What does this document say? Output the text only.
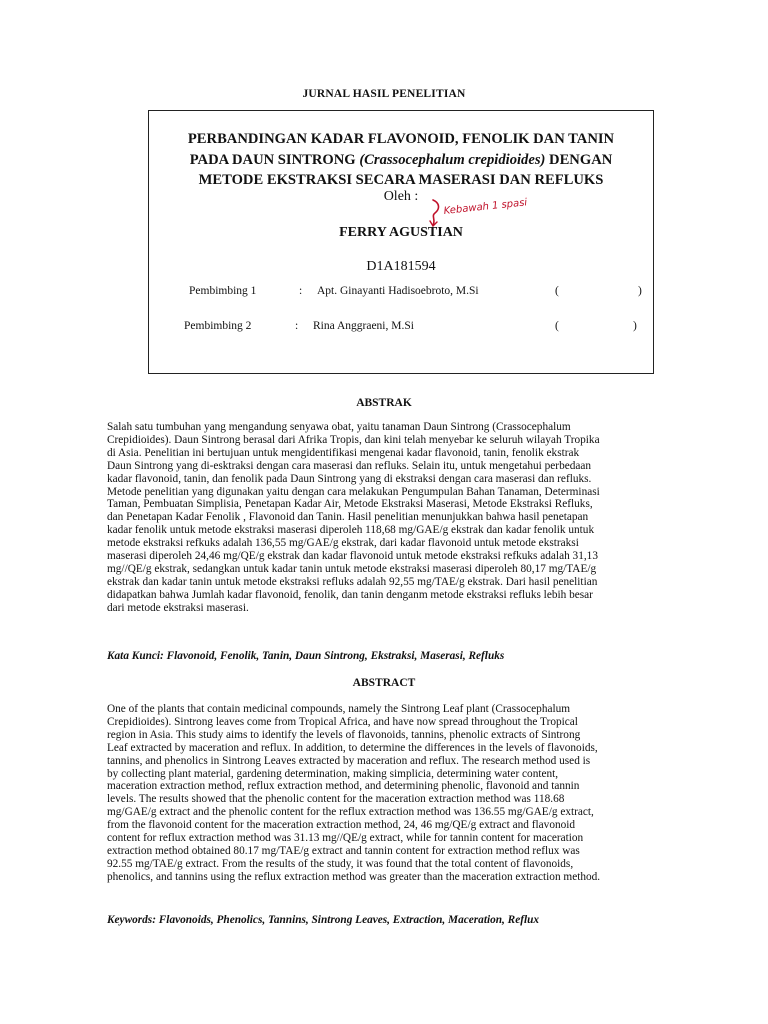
JURNAL HASIL PENELITIAN
PERBANDINGAN KADAR FLAVONOID, FENOLIK DAN TANIN
PADA DAUN SINTRONG (Crassocephalum crepidioides) DENGAN
METODE EKSTRAKSI SECARA MASERASI DAN REFLUKS
Oleh :
Kebawah 1 spasi
FERRY AGUSTIAN
D1A181594
Pembimbing 1	: Apt. Ginayanti Hadisoebroto, M.Si	(	)
Pembimbing 2	: Rina Anggraeni, M.Si	(	)
ABSTRAK
Salah satu tumbuhan yang mengandung senyawa obat, yaitu tanaman Daun Sintrong (Crassocephalum
Crepidioides). Daun Sintrong berasal dari Afrika Tropis, dan kini telah menyebar ke seluruh wilayah Tropika
di Asia. Penelitian ini bertujuan untuk mengidentifikasi mengenai kadar flavonoid, tanin, fenolik ekstrak
Daun Sintrong yang di-esktraksi dengan cara maserasi dan refluks. Selain itu, untuk mengetahui perbedaan
kadar flavonoid, tanin, dan fenolik pada Daun Sintrong yang di ekstraksi dengan cara maserasi dan refluks.
Metode penelitian yang digunakan yaitu dengan cara melakukan Pengumpulan Bahan Tanaman, Determinasi
Taman, Pembuatan Simplisia, Penetapan Kadar Air, Metode Ekstraksi Maserasi, Metode Ekstraksi Refluks,
dan Penetapan Kadar Fenolik , Flavonoid dan Tanin. Hasil penelitian menunjukkan bahwa hasil penetapan
kadar fenolik untuk metode ekstraksi maserasi diperoleh 118,68 mg/GAE/g ekstrak dan kadar fenolik untuk
metode ekstraksi refkuks adalah 136,55 mg/GAE/g ekstrak, dari kadar flavonoid untuk metode ekstraksi
maserasi diperoleh 24,46 mg/QE/g ekstrak dan kadar flavonoid untuk metode ekstraksi refkuks adalah 31,13
mg//QE/g ekstrak, sedangkan untuk kadar tanin untuk metode ekstraksi maserasi diperoleh 80,17 mg/TAE/g
ekstrak dan kadar tanin untuk metode ekstraksi refluks adalah 92,55 mg/TAE/g ekstrak. Dari hasil penelitian
didapatkan bahwa Jumlah kadar flavonoid, fenolik, dan tanin denganm metode ekstraksi refluks lebih besar
dari metode ekstraksi maserasi.
Kata Kunci: Flavonoid, Fenolik, Tanin, Daun Sintrong, Ekstraksi, Maserasi, Refluks
ABSTRACT
One of the plants that contain medicinal compounds, namely the Sintrong Leaf plant (Crassocephalum
Crepidioides). Sintrong leaves come from Tropical Africa, and have now spread throughout the Tropical
region in Asia. This study aims to identify the levels of flavonoids, tannins, phenolic extracts of Sintrong
Leaf extracted by maceration and reflux. In addition, to determine the differences in the levels of flavonoids,
tannins, and phenolics in Sintrong Leaves extracted by maceration and reflux. The research method used is
by collecting plant material, gardening determination, making simplicia, determining water content,
maceration extraction method, reflux extraction method, and determining phenolic, flavonoid and tannin
levels. The results showed that the phenolic content for the maceration extraction method was 118.68
mg/GAE/g extract and the phenolic content for the reflux extraction method was 136.55 mg/GAE/g extract,
from the flavonoid content for the maceration extraction method, 24, 46 mg/QE/g extract and flavonoid
content for reflux extraction method was 31.13 mg//QE/g extract, while for tannin content for maceration
extraction method obtained 80.17 mg/TAE/g extract and tannin content for extraction method reflux was
92.55 mg/TAE/g extract. From the results of the study, it was found that the total content of flavonoids,
phenolics, and tannins using the reflux extraction method was greater than the maceration extraction method.
Keywords: Flavonoids, Phenolics, Tannins, Sintrong Leaves, Extraction, Maceration, Reflux
